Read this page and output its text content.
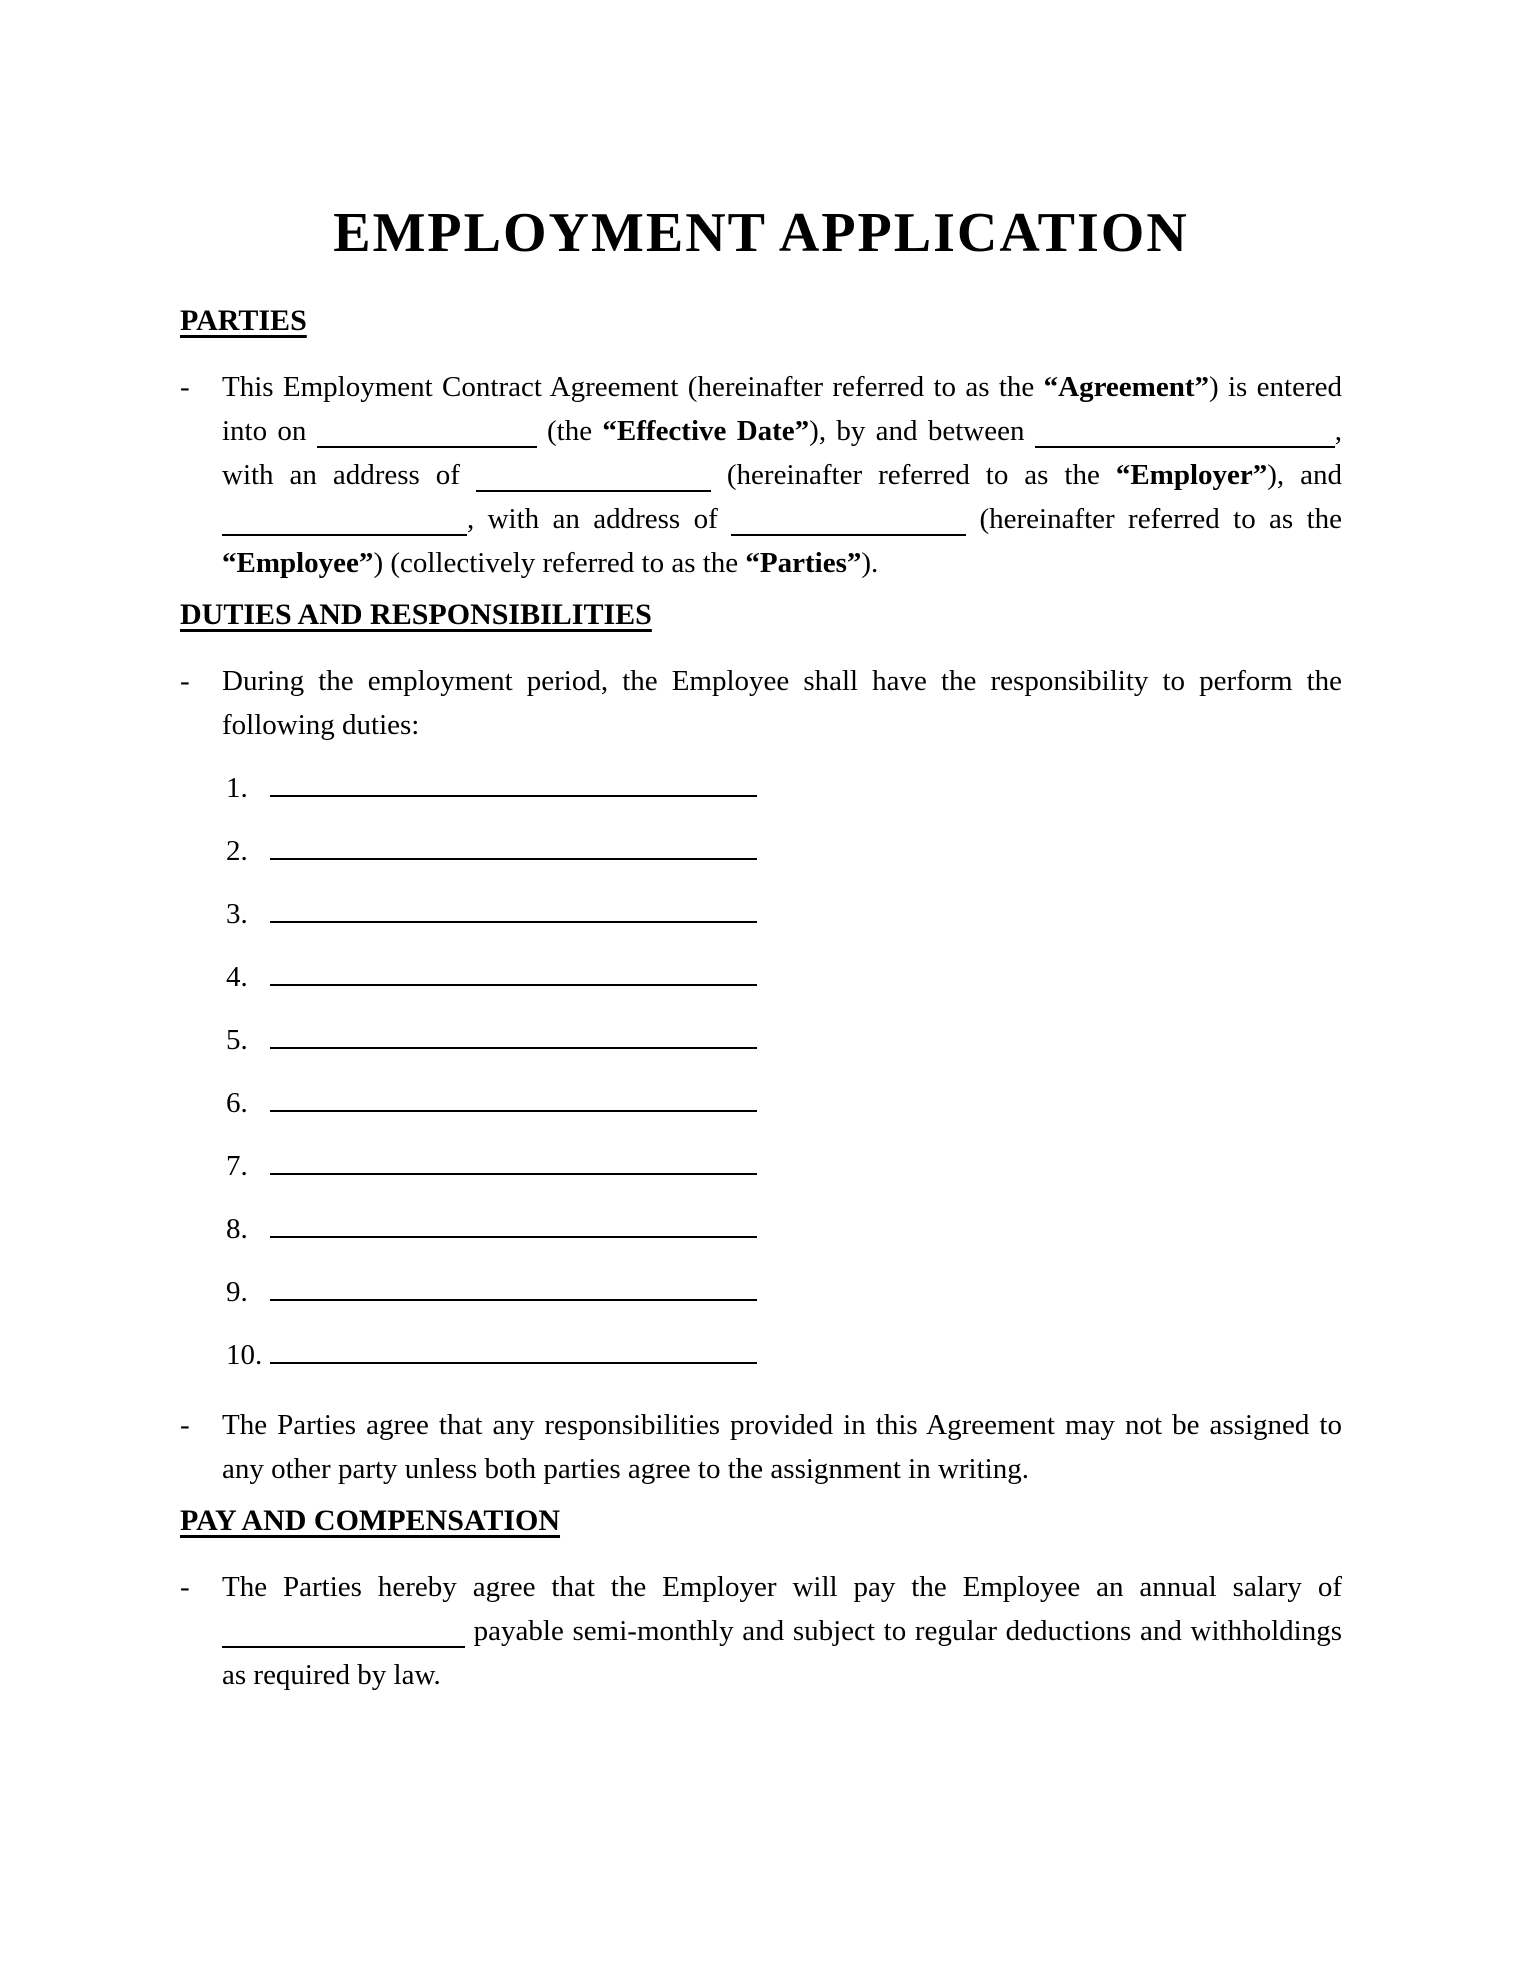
EMPLOYMENT APPLICATION
PARTIES
-	This Employment Contract Agreement (hereinafter referred to as the “Agreement”) is entered into on	(the “Effective Date”), by and between	, with an address of	(hereinafter referred to as the “Employer”), and , with an address of	(hereinafter referred to as the “Employee”) (collectively referred to as the “Parties”).
DUTIES AND RESPONSIBILITIES
-	During the employment period, the Employee shall have the responsibility to perform the following duties:
1.
2.
3.
4.
5.
6.
7.
8.
9.
10.
-	The Parties agree that any responsibilities provided in this Agreement may not be assigned to any other party unless both parties agree to the assignment in writing.
PAY AND COMPENSATION
-	The Parties hereby agree that the Employer will pay the Employee an annual salary of  payable semi-monthly and subject to regular deductions and withholdings as required by law.
